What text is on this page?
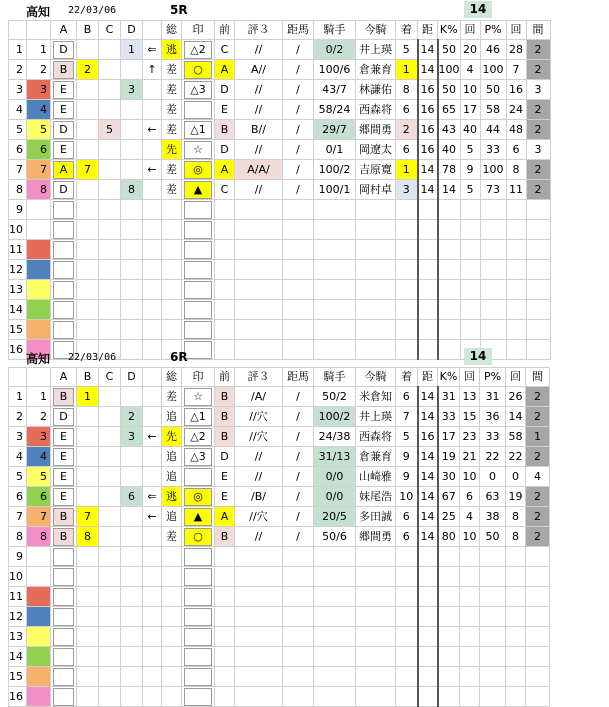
高知 22/03/06	5R	14
		A	B	C	D		総	印	前	評３	距馬	騎手	今騎	着	距	K%	回	P%	回	間
1	1	D			1	⇐	逃	△2	C	//	/	0/2	井上瑛	5	14	50	20	46	28	2
2	2	B	2			↑	差	○	A	A//	/	100/6	倉兼育	1	14	100	4	100	7	2
3	3	E			3		差	△3	D	//	/	43/7	林謙佑	8	16	50	10	50	16	3
4	4	E					差		E	//	/	58/24	西森将	6	16	65	17	58	24	2
5	5	D		5		←	差	△1	B	B//	/	29/7	郷間勇	2	16	43	40	44	48	2
6	6	E					先	☆	D	//	/	0/1	岡遼太	6	16	40	5	33	6	3
7	7	A	7			←	差	◎	A	A/A/	/	100/2	吉原寛	1	14	78	9	100	8	2
8	8	D			8		差	▲	C	//	/	100/1	岡村卓	3	14	14	5	73	11	2
9		

10		

11		

12		

13		

14		

15		

16		

高知 22/03/06	6R	14
		A	B	C	D		総	印	前	評３	距馬	騎手	今騎	着	距	K%	回	P%	回	間
1	1	B	1				差	☆	B	/A/	/	50/2	米倉知	6	14	31	13	31	26	2
2	2	D			2		追	△1	B	//穴	/	100/2	井上瑛	7	14	33	15	36	14	2
3	3	E			3	←	先	△2	B	//穴	/	24/38	西森将	5	16	17	23	33	58	1
4	4	E					追	△3	D	//	/	31/13	倉兼育	9	14	19	21	22	22	2
5	5	E					追		E	//	/	0/0	山崎雅	9	14	30	10	0	0	4
6	6	E			6	⇐	逃	◎	E	/B/	/	0/0	妹尾浩	10	14	67	6	63	19	2
7	7	B	7			←	追	▲	A	//穴	/	20/5	多田誠	6	14	25	4	38	8	2
8	8	B	8				差	○	B	//	/	50/6	郷間勇	6	14	80	10	50	8	2
9		

10		

11		

12		

13		

14		

15		

16		
